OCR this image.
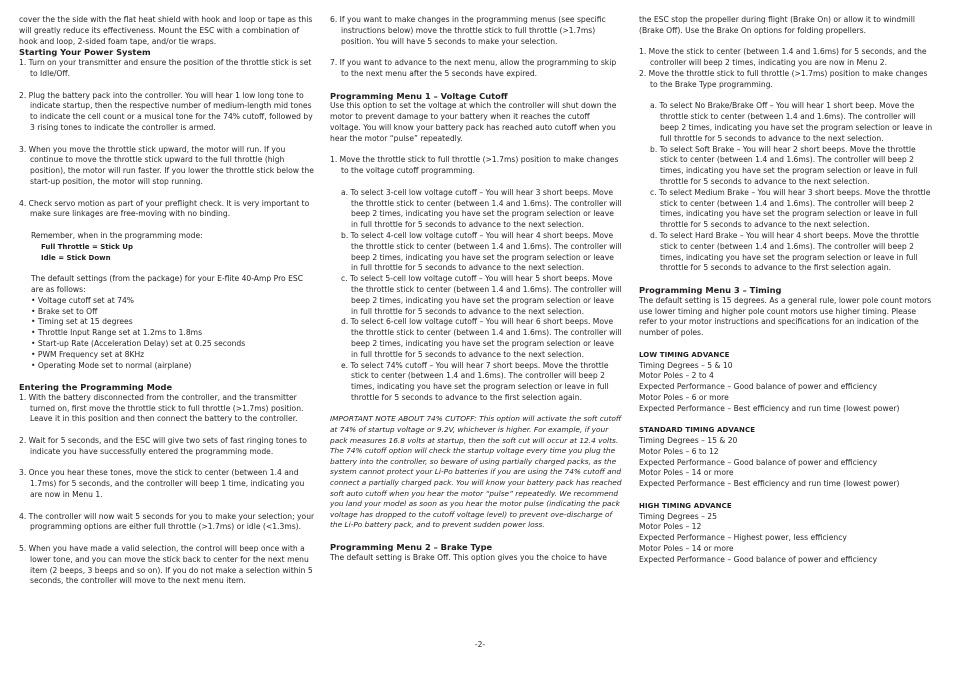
cover the the side with the flat heat shield with hook and loop or tape as this will greatly reduce its effectiveness. Mount the ESC with a combination of hook and loop, 2-sided foam tape, and/or tie wraps.

Starting Your Power System

1. Turn on your transmitter and ensure the position of the throttle stick is set to Idle/Off.

2. Plug the battery pack into the controller. You will hear 1 low long tone to indicate startup, then the respective number of medium-length mid tones to indicate the cell count or a musical tone for the 74% cutoff, followed by 3 rising tones to indicate the controller is armed.

3. When you move the throttle stick upward, the motor will run. If you continue to move the throttle stick upward to the full throttle (high position), the motor will run faster. If you lower the throttle stick below the start-up position, the motor will stop running.

4. Check servo motion as part of your preflight check. It is very important to make sure linkages are free-moving with no binding.

Remember, when in the programming mode:

Full Throttle = Stick Up

Idle = Stick Down

The default settings (from the package) for your E-flite 40-Amp Pro ESC are as follows:

• Voltage cutoff set at 74%

• Brake set to Off

• Timing set at 15 degrees

• Throttle Input Range set at 1.2ms to 1.8ms

• Start-up Rate (Acceleration Delay) set at 0.25 seconds

• PWM Frequency set at 8KHz

• Operating Mode set to normal (airplane)

Entering the Programming Mode

1. With the battery disconnected from the controller, and the transmitter turned on, first move the throttle stick to full throttle (>1.7ms) position. Leave it in this position and then connect the battery to the controller.

2. Wait for 5 seconds, and the ESC will give two sets of fast ringing tones to indicate you have successfully entered the programming mode.

3. Once you hear these tones, move the stick to center (between 1.4 and 1.7ms) for 5 seconds, and the controller will beep 1 time, indicating you are now in Menu 1.

4. The controller will now wait 5 seconds for you to make your selection; your programming options are either full throttle (>1.7ms) or idle (<1.3ms).

5. When you have made a valid selection, the control will beep once with a lower tone, and you can move the stick back to center for the next menu item (2 beeps, 3 beeps and so on). If you do not make a selection within 5 seconds, the controller will move to the next menu item.

6. If you want to make changes in the programming menus (see specific instructions below) move the throttle stick to full throttle (>1.7ms) position. You will have 5 seconds to make your selection.

7. If you want to advance to the next menu, allow the programming to skip to the next menu after the 5 seconds have expired.

Programming Menu 1 – Voltage Cutoff

Use this option to set the voltage at which the controller will shut down the motor to prevent damage to your battery when it reaches the cutoff voltage. You will know your battery pack has reached auto cutoff when you hear the motor “pulse” repeatedly.

1. Move the throttle stick to full throttle (>1.7ms) position to make changes to the voltage cutoff programming.

a. To select 3-cell low voltage cutoff – You will hear 3 short beeps. Move the throttle stick to center (between 1.4 and 1.6ms). The controller will beep 2 times, indicating you have set the program selection or leave in full throttle for 5 seconds to advance to the next selection.

b. To select 4-cell low voltage cutoff – You will hear 4 short beeps. Move the throttle stick to center (between 1.4 and 1.6ms). The controller will beep 2 times, indicating you have set the program selection or leave in full throttle for 5 seconds to advance to the next selection.

c. To select 5-cell low voltage cutoff – You will hear 5 short beeps. Move the throttle stick to center (between 1.4 and 1.6ms). The controller will beep 2 times, indicating you have set the program selection or leave in full throttle for 5 seconds to advance to the next selection.

d. To select 6-cell low voltage cutoff – You will hear 6 short beeps. Move the throttle stick to center (between 1.4 and 1.6ms). The controller will beep 2 times, indicating you have set the program selection or leave in full throttle for 5 seconds to advance to the next selection.

e. To select 74% cutoff – You will hear 7 short beeps. Move the throttle stick to center (between 1.4 and 1.6ms). The controller will beep 2 times, indicating you have set the program selection or leave in full throttle for 5 seconds to advance to the first selection again.

IMPORTANT NOTE ABOUT 74% CUTOFF: This option will activate the soft cutoff at 74% of startup voltage or 9.2V, whichever is higher. For example, if your pack measures 16.8 volts at startup, then the soft cut will occur at 12.4 volts. The 74% cutoff option will check the startup voltage every time you plug the battery into the controller, so beware of using partially charged packs, as the system cannot protect your Li-Po batteries if you are using the 74% cutoff and connect a partially charged pack. You will know your battery pack has reached soft auto cutoff when you hear the motor “pulse” repeatedly. We recommend you land your model as soon as you hear the motor pulse (indicating the pack voltage has dropped to the cutoff voltage level) to prevent ove-discharge of the Li-Po battery pack, and to prevent sudden power loss.

Programming Menu 2 – Brake Type

The default setting is Brake Off. This option gives you the choice to have

the ESC stop the propeller during flight (Brake On) or allow it to windmill (Brake Off). Use the Brake On options for folding propellers.

1. Move the stick to center (between 1.4 and 1.6ms) for 5 seconds, and the controller will beep 2 times, indicating you are now in Menu 2.

2. Move the throttle stick to full throttle (>1.7ms) position to make changes to the Brake Type programming.

a. To select No Brake/Brake Off – You will hear 1 short beep. Move the throttle stick to center (between 1.4 and 1.6ms). The controller will beep 2 times, indicating you have set the program selection or leave in full throttle for 5 seconds to advance to the next selection.

b. To select Soft Brake – You will hear 2 short beeps. Move the throttle stick to center (between 1.4 and 1.6ms). The controller will beep 2 times, indicating you have set the program selection or leave in full throttle for 5 seconds to advance to the next selection.

c. To select Medium Brake – You will hear 3 short beeps. Move the throttle stick to center (between 1.4 and 1.6ms). The controller will beep 2 times, indicating you have set the program selection or leave in full throttle for 5 seconds to advance to the next selection.

d. To select Hard Brake – You will hear 4 short beeps. Move the throttle stick to center (between 1.4 and 1.6ms). The controller will beep 2 times, indicating you have set the program selection or leave in full throttle for 5 seconds to advance to the first selection again.

Programming Menu 3 – Timing

The default setting is 15 degrees. As a general rule, lower pole count motors use lower timing and higher pole count motors use higher timing. Please refer to your motor instructions and specifications for an indication of the number of poles.

LOW TIMING ADVANCE

Timing Degrees – 5 & 10

Motor Poles – 2 to 4

Expected Performance – Good balance of power and efficiency

Motor Poles – 6 or more

Expected Performance – Best efficiency and run time (lowest power)

STANDARD TIMING ADVANCE

Timing Degrees – 15 & 20

Motor Poles – 6 to 12

Expected Performance – Good balance of power and efficiency

Motor Poles – 14 or more

Expected Performance – Best efficiency and run time (lowest power)

HIGH TIMING ADVANCE

Timing Degrees – 25

Motor Poles – 12

Expected Performance – Highest power, less efficiency

Motor Poles – 14 or more

Expected Performance – Good balance of power and efficiency

-2-
